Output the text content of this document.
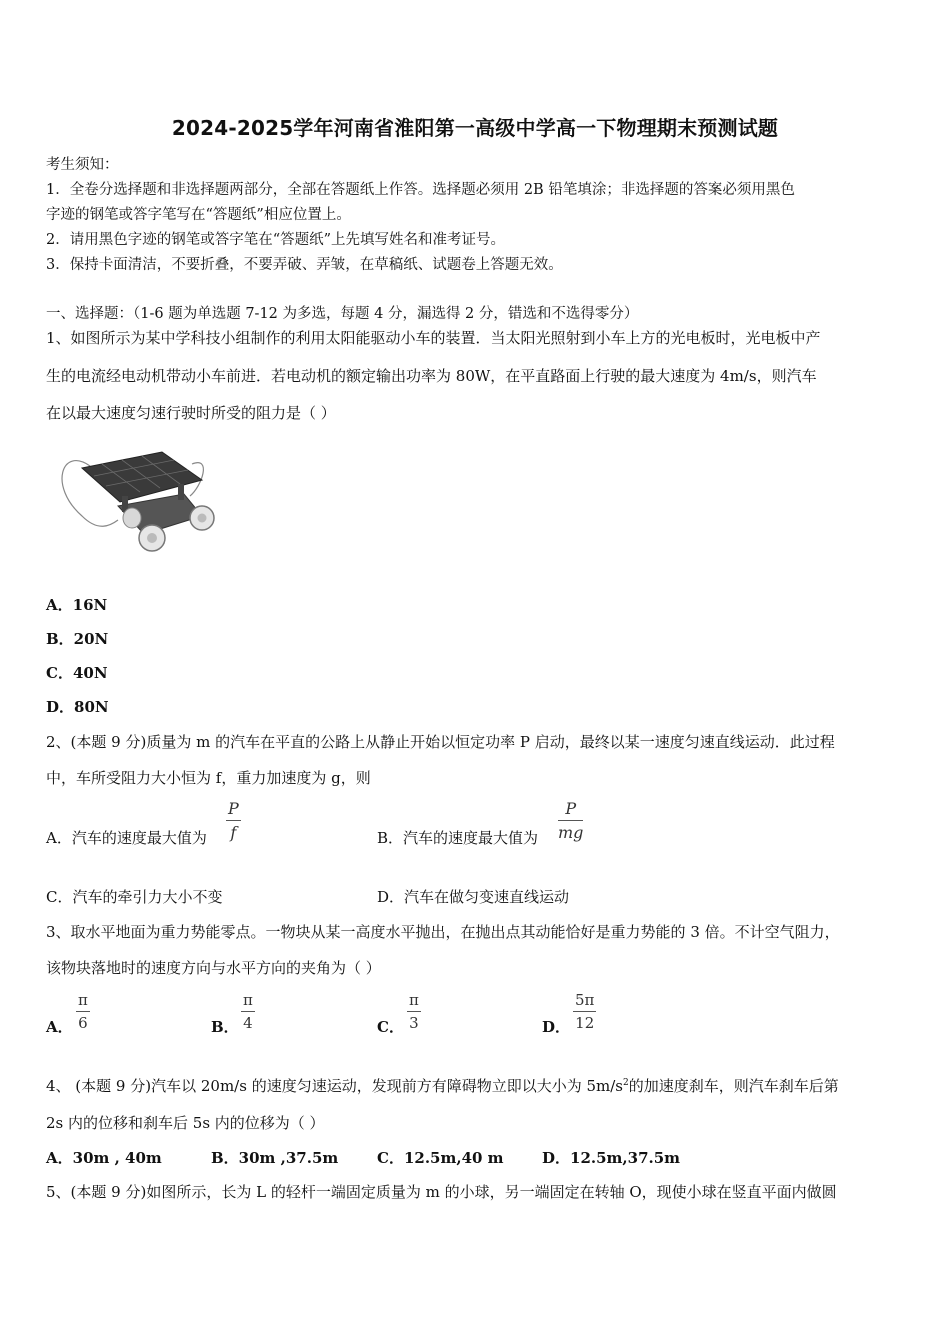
2024-2025学年河南省淮阳第一高级中学高一下物理期末预测试题
考生须知：
1．全卷分选择题和非选择题两部分，全部在答题纸上作答。选择题必须用 2B 铅笔填涂；非选择题的答案必须用黑色
字迹的钢笔或答字笔写在“答题纸”相应位置上。
2．请用黑色字迹的钢笔或答字笔在“答题纸”上先填写姓名和准考证号。
3．保持卡面清洁，不要折叠，不要弄破、弄皱，在草稿纸、试题卷上答题无效。
一、选择题：（1-6 题为单选题 7-12 为多选，每题 4 分，漏选得 2 分，错选和不选得零分）
1、如图所示为某中学科技小组制作的利用太阳能驱动小车的装置．当太阳光照射到小车上方的光电板时，光电板中产
生的电流经电动机带动小车前进．若电动机的额定输出功率为 80W，在平直路面上行驶的最大速度为 4m/s，则汽车
在以最大速度匀速行驶时所受的阻力是（ ）
A．16N
B．20N
C．40N
D．80N
2、(本题 9 分)质量为 m 的汽车在平直的公路上从静止开始以恒定功率 P 启动，最终以某一速度匀速直线运动．此过程
中，车所受阻力大小恒为 f，重力加速度为 g，则
A．汽车的速度最大值为
P
f	B．汽车的速度最大值为
P
mg
C．汽车的牵引力大小不变	D．汽车在做匀变速直线运动
3、取水平地面为重力势能零点。一物块从某一高度水平抛出，在抛出点其动能恰好是重力势能的 3 倍。不计空气阻力，
该物块落地时的速度方向与水平方向的夹角为（ ）
A．
π
6	B．
π
4	C．
π
3	D．
5π
12
4、 (本题 9 分)汽车以 20m/s 的速度匀速运动，发现前方有障碍物立即以大小为 $5m/s^2$的加速度刹车，则汽车刹车后第
2s 内的位移和刹车后 5s 内的位移为（ ）
A．30m , 40m	B．30m ,37.5m	C．12.5m,40 m	D．12.5m,37.5m
5、(本题 9 分)如图所示，长为 L 的轻杆一端固定质量为 m 的小球，另一端固定在转轴 O，现使小球在竖直平面内做圆
